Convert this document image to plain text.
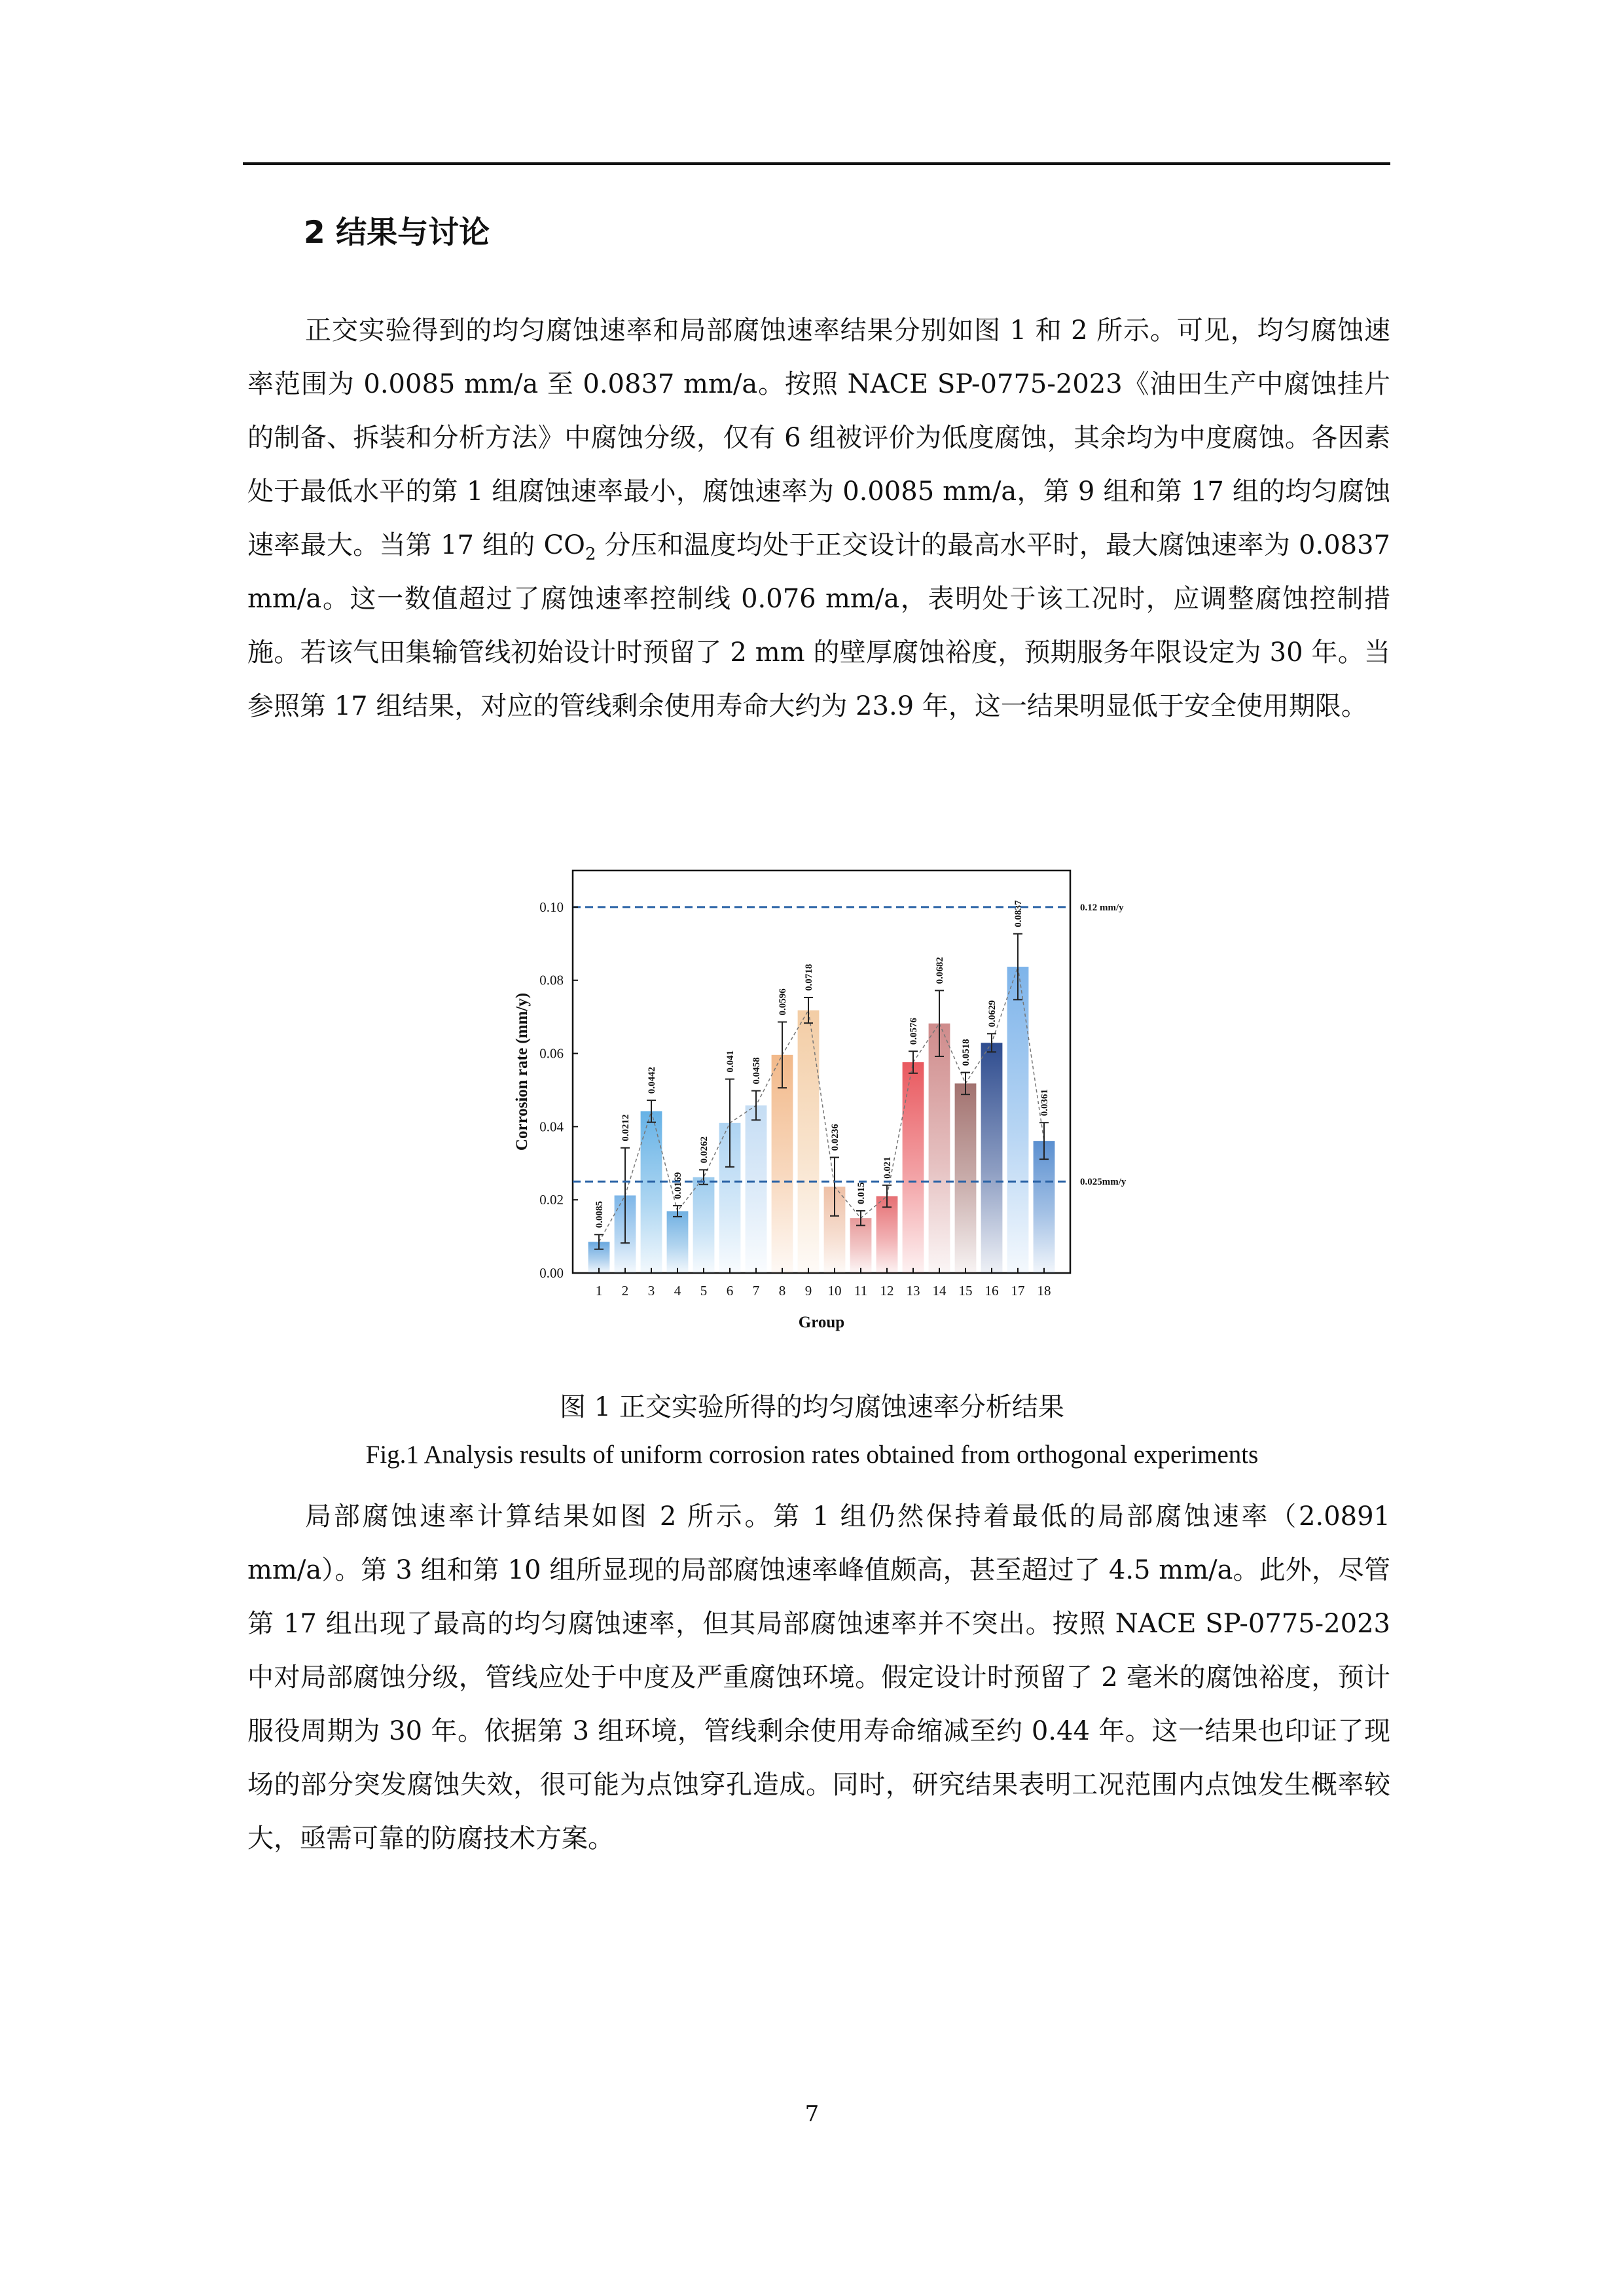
2 结果与讨论

正交实验得到的均匀腐蚀速率和局部腐蚀速率结果分别如图 1 和 2 所示。可见，均匀腐蚀速率范围为 0.0085 mm/a 至 0.0837 mm/a。按照 NACE SP-0775-2023《油田生产中腐蚀挂片的制备、拆装和分析方法》中腐蚀分级，仅有 6 组被评价为低度腐蚀，其余均为中度腐蚀。各因素处于最低水平的第 1 组腐蚀速率最小，腐蚀速率为 0.0085 mm/a，第 9 组和第 17 组的均匀腐蚀速率最大。当第 17 组的 $CO_2$ 分压和温度均处于正交设计的最高水平时，最大腐蚀速率为 0.0837 mm/a。这一数值超过了腐蚀速率控制线 0.076 mm/a，表明处于该工况时，应调整腐蚀控制措施。若该气田集输管线初始设计时预留了 2 mm 的壁厚腐蚀裕度，预期服务年限设定为 30 年。当参照第 17 组结果，对应的管线剩余使用寿命大约为 23.9 年，这一结果明显低于安全使用期限。

0.0085
0.0212
0.0442
0.0169
0.0262
0.041 0.0458
0.0596
0.0718
0.0236
0.015
0.021
0.0576
0.0682
0.0518
0.0629
0.0837
0.0361
0.12 mm/y
0.025mm/y
0.00
0.02
0.04
0.06
0.08
0.10
1 2 3 4 5 6 7 8 9 10 11 12 13 14 15 16 17 18
Group
Corrosion rate (mm/y)

图 1 正交实验所得的均匀腐蚀速率分析结果

Fig.1 Analysis results of uniform corrosion rates obtained from orthogonal experiments

局部腐蚀速率计算结果如图 2 所示。第 1 组仍然保持着最低的局部腐蚀速率（2.0891 mm/a）。第 3 组和第 10 组所显现的局部腐蚀速率峰值颇高，甚至超过了 4.5 mm/a。此外，尽管第 17 组出现了最高的均匀腐蚀速率，但其局部腐蚀速率并不突出。按照 NACE SP-0775-2023 中对局部腐蚀分级，管线应处于中度及严重腐蚀环境。假定设计时预留了 2 毫米的腐蚀裕度，预计服役周期为 30 年。依据第 3 组环境，管线剩余使用寿命缩减至约 0.44 年。这一结果也印证了现场的部分突发腐蚀失效，很可能为点蚀穿孔造成。同时，研究结果表明工况范围内点蚀发生概率较大，亟需可靠的防腐技术方案。

7
